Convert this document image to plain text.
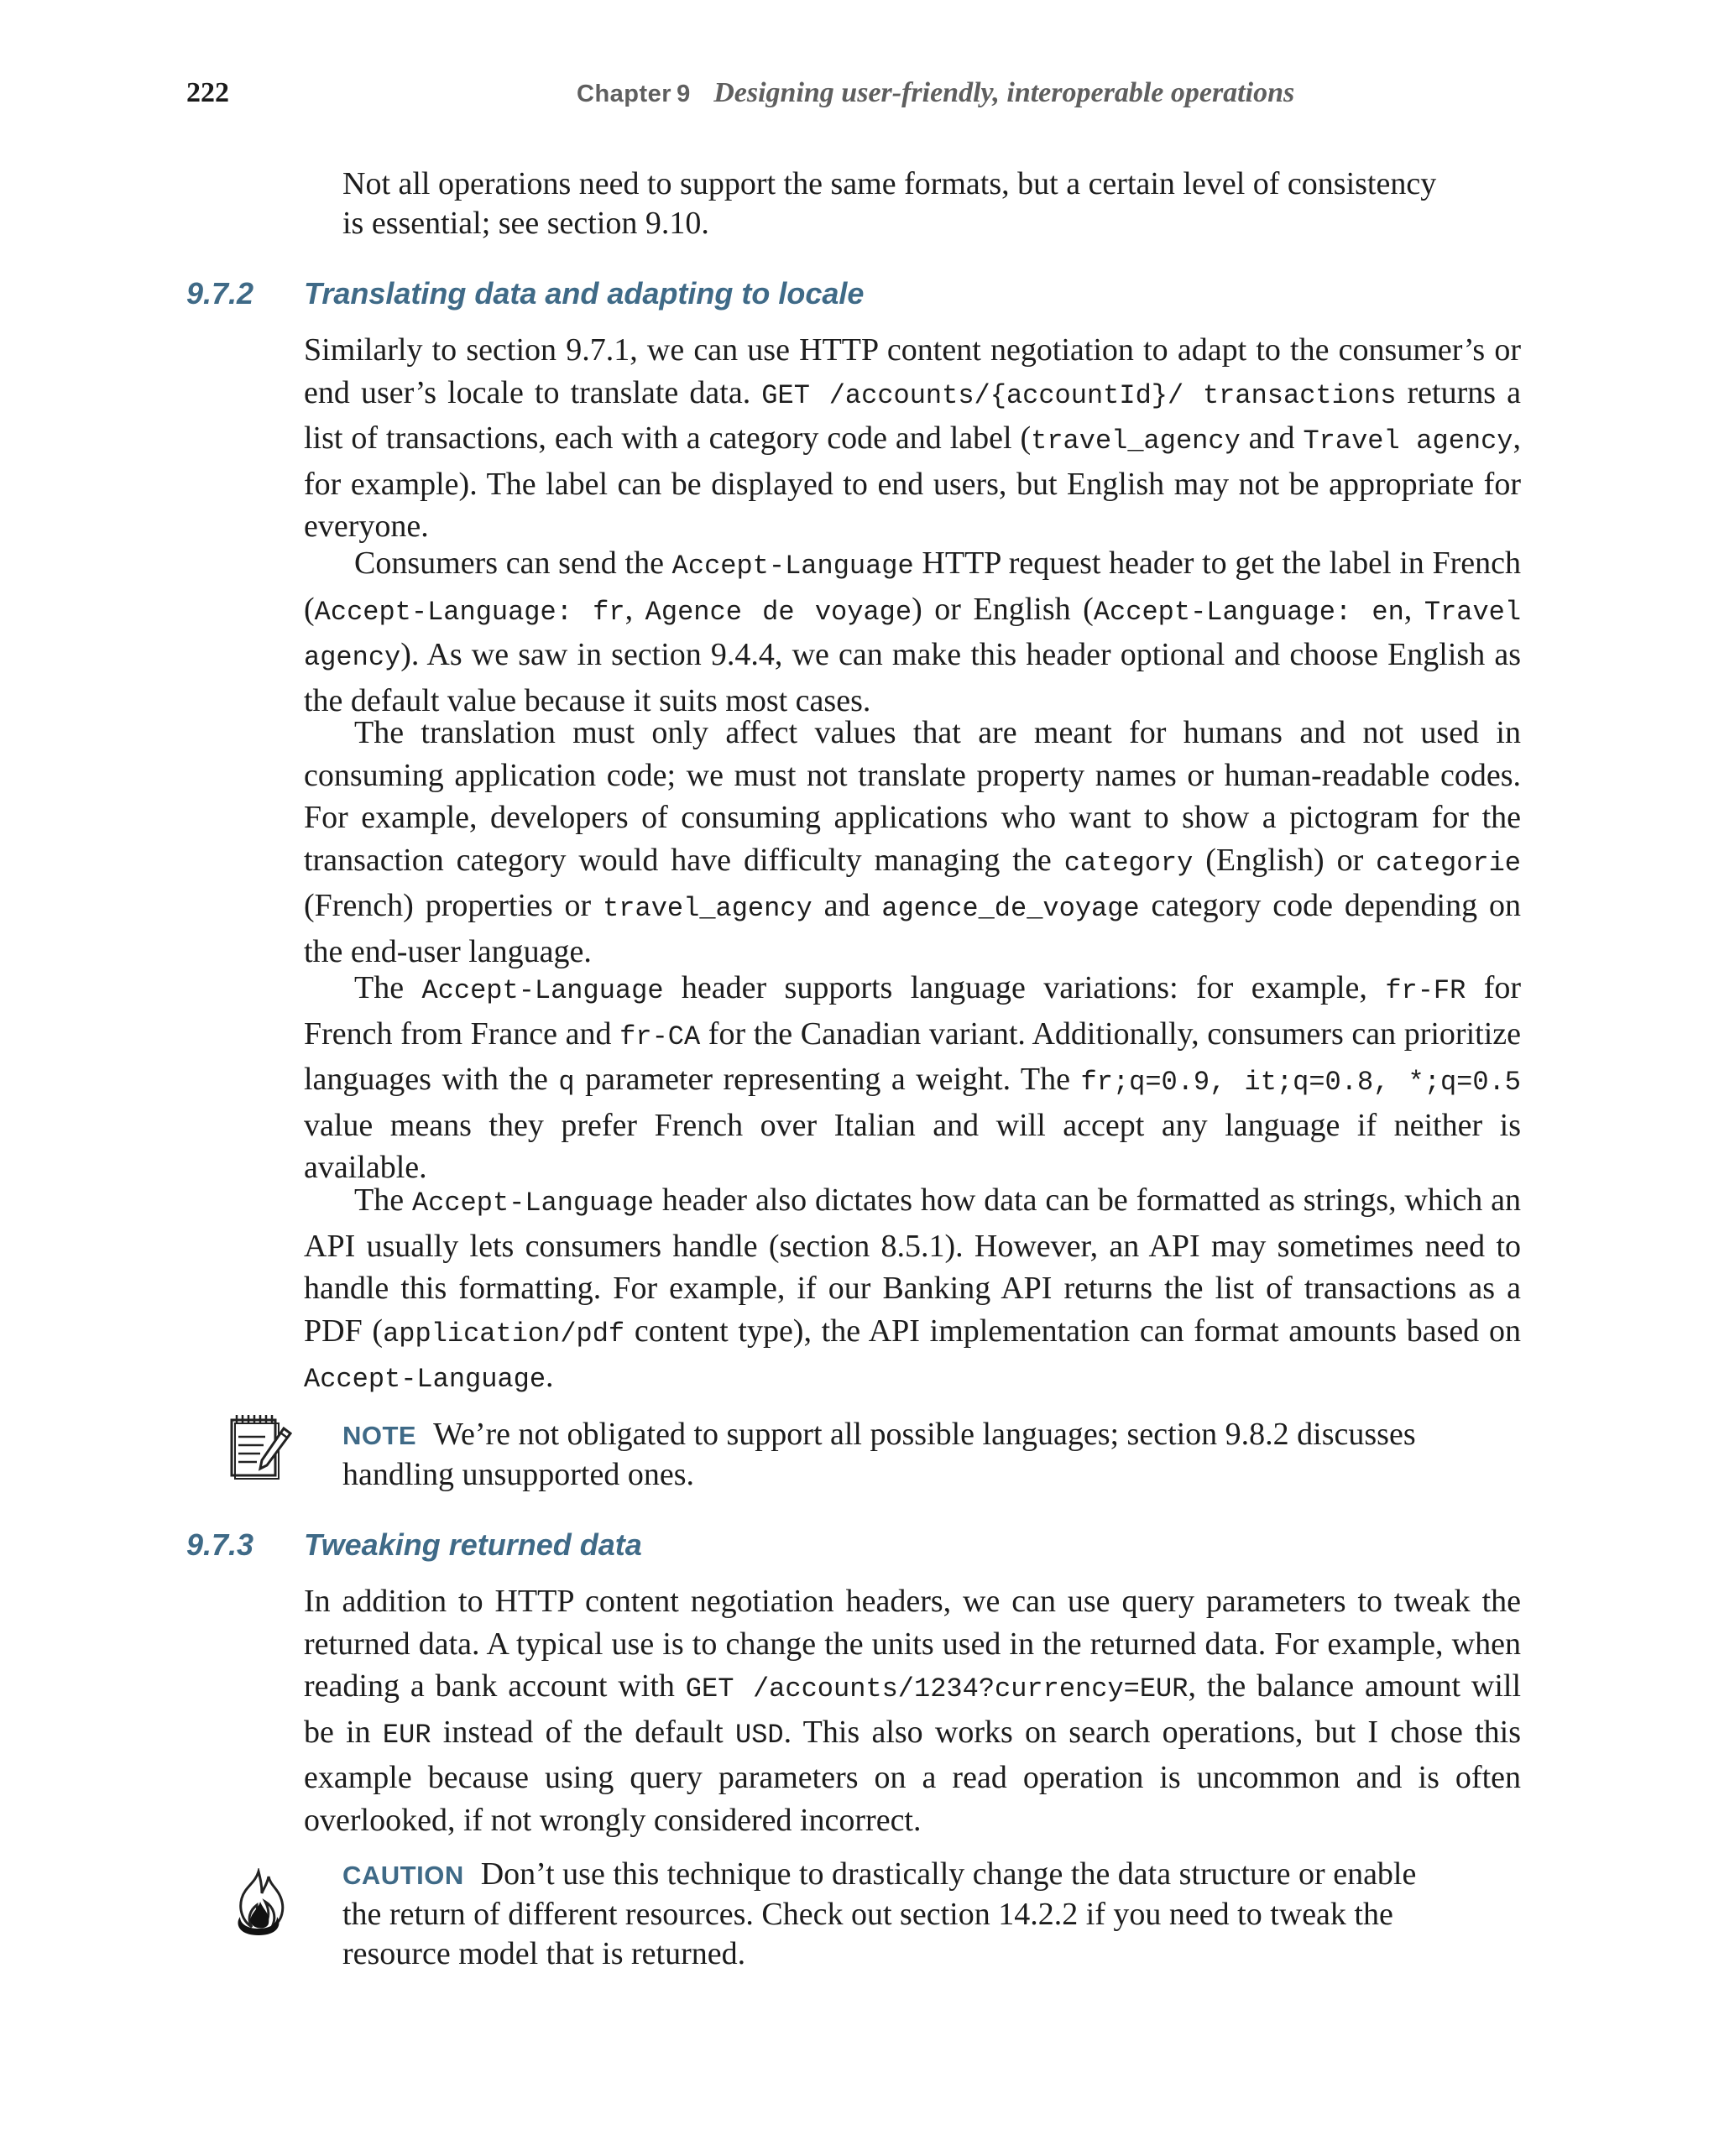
222	Chapter 9 Designing user-friendly, interoperable operations

Not all operations need to support the same formats, but a certain level of consistency is essential; see section 9.10.

9.7.2 Translating data and adapting to locale

Similarly to section 9.7.1, we can use HTTP content negotiation to adapt to the consumer’s or end user’s locale to translate data. GET /accounts/{accountId}/ transactions returns a list of transactions, each with a category code and label (travel_agency and Travel agency, for example). The label can be displayed to end users, but English may not be appropriate for everyone.

Consumers can send the Accept-Language HTTP request header to get the label in French (Accept-Language: fr, Agence de voyage) or English (Accept-Language: en, Travel agency). As we saw in section 9.4.4, we can make this header optional and choose English as the default value because it suits most cases.

The translation must only affect values that are meant for humans and not used in consuming application code; we must not translate property names or human-readable codes. For example, developers of consuming applications who want to show a pictogram for the transaction category would have difficulty managing the category (English) or categorie (French) properties or travel_agency and agence_de_voyage category code depending on the end-user language.

The Accept-Language header supports language variations: for example, fr-FR for French from France and fr-CA for the Canadian variant. Additionally, consumers can prioritize languages with the q parameter representing a weight. The fr;q=0.9, it;q=0.8, *;q=0.5 value means they prefer French over Italian and will accept any language if neither is available.

The Accept-Language header also dictates how data can be formatted as strings, which an API usually lets consumers handle (section 8.5.1). However, an API may sometimes need to handle this formatting. For example, if our Banking API returns the list of transactions as a PDF (application/pdf content type), the API implementation can format amounts based on Accept-Language.

NOTE We’re not obligated to support all possible languages; section 9.8.2 discusses handling unsupported ones.

9.7.3 Tweaking returned data

In addition to HTTP content negotiation headers, we can use query parameters to tweak the returned data. A typical use is to change the units used in the returned data. For example, when reading a bank account with GET /accounts/1234?currency=EUR, the balance amount will be in EUR instead of the default USD. This also works on search operations, but I chose this example because using query parameters on a read operation is uncommon and is often overlooked, if not wrongly considered incorrect.

CAUTION Don’t use this technique to drastically change the data structure or enable the return of different resources. Check out section 14.2.2 if you need to tweak the resource model that is returned.
